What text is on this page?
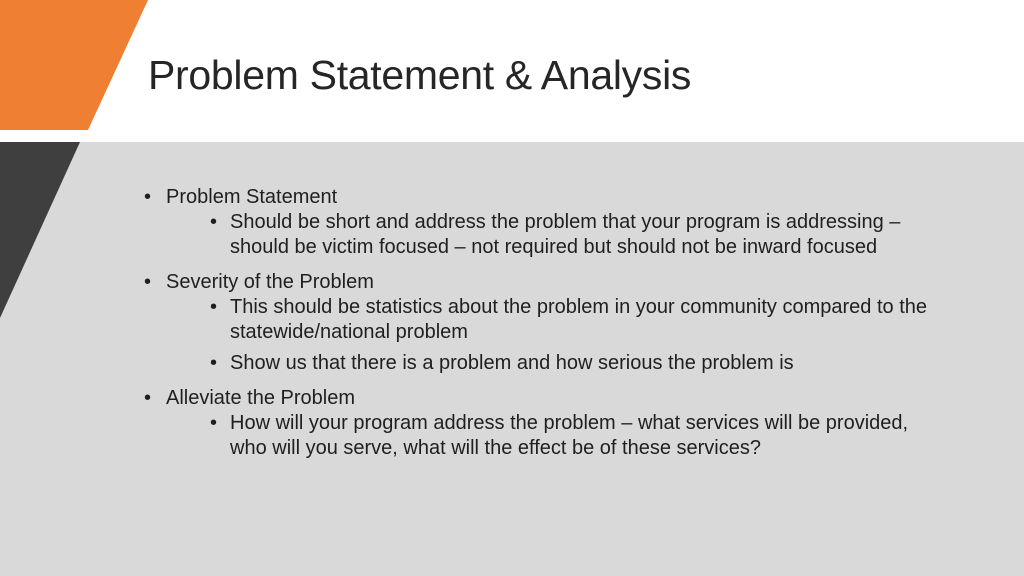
Problem Statement & Analysis
• Problem Statement
• Should be short and address the problem that your program is addressing – should be victim focused – not required but should not be inward focused
• Severity of the Problem
• This should be statistics about the problem in your community compared to the statewide/national problem
• Show us that there is a problem and how serious the problem is
• Alleviate the Problem
• How will your program address the problem – what services will be provided, who will you serve, what will the effect be of these services?
